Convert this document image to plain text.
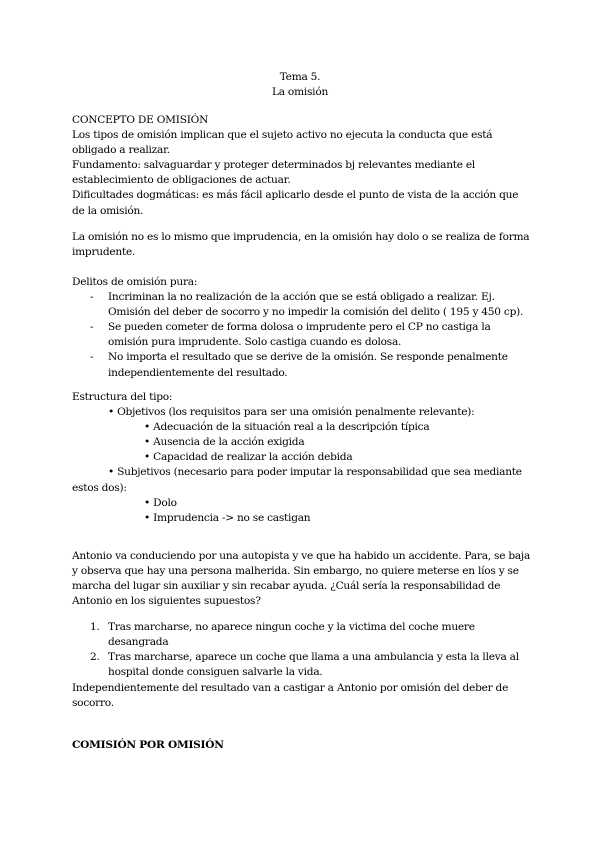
Tema 5.
La omisión

CONCEPTO DE OMISIÓN

Los tipos de omisión implican que el sujeto activo no ejecuta la conducta que está obligado a realizar.

Fundamento: salvaguardar y proteger determinados bj relevantes mediante el establecimiento de obligaciones de actuar.

Dificultades dogmáticas: es más fácil aplicarlo desde el punto de vista de la acción que de la omisión.

La omisión no es lo mismo que imprudencia, en la omisión hay dolo o se realiza de forma imprudente.

Delitos de omisión pura:

- Incriminan la no realización de la acción que se está obligado a realizar. Ej. Omisión del deber de socorro y no impedir la comisión del delito ( 195 y 450 cp).
- Se pueden cometer de forma dolosa o imprudente pero el CP no castiga la omisión pura imprudente. Solo castiga cuando es dolosa.
- No importa el resultado que se derive de la omisión. Se responde penalmente independientemente del resultado.

Estructura del tipo:

• Objetivos (los requisitos para ser una omisión penalmente relevante):

• Adecuación de la situación real a la descripción típica

• Ausencia de la acción exigida

• Capacidad de realizar la acción debida

• Subjetivos (necesario para poder imputar la responsabilidad que sea mediante estos dos):

• Dolo

• Imprudencia -> no se castigan

Antonio va conduciendo por una autopista y ve que ha habido un accidente. Para, se baja y observa que hay una persona malherida. Sin embargo, no quiere meterse en líos y se marcha del lugar sin auxiliar y sin recabar ayuda. ¿Cuál sería la responsabilidad de Antonio en los siguientes supuestos?

1. Tras marcharse, no aparece ningun coche y la victima del coche muere desangrada
2. Tras marcharse, aparece un coche que llama a una ambulancia y esta la lleva al hospital donde consiguen salvarle la vida.

Independientemente del resultado van a castigar a Antonio por omisión del deber de socorro.

COMISIÓN POR OMISIÓN
